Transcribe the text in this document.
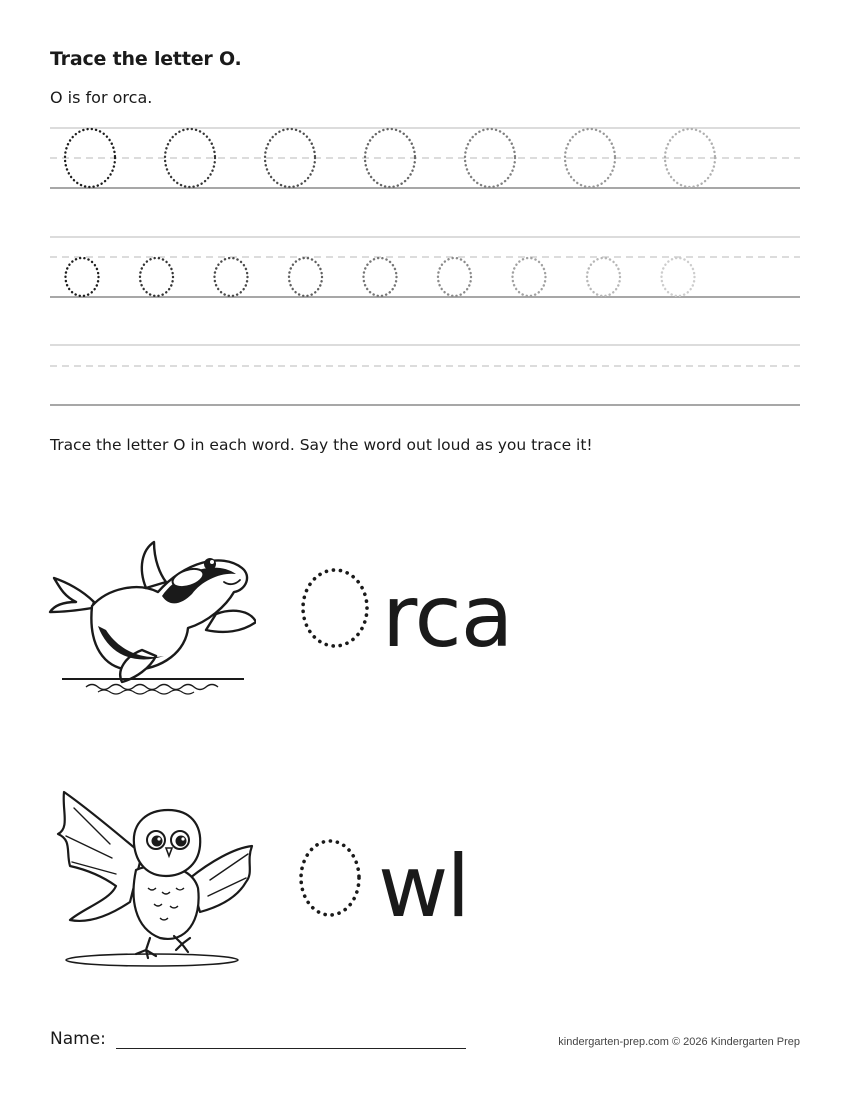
Trace the letter O.

O is for orca.

Trace the letter O in each word. Say the word out loud as you trace it!

rca
wl
Name:	kindergarten-prep.com © 2026 Kindergarten Prep
